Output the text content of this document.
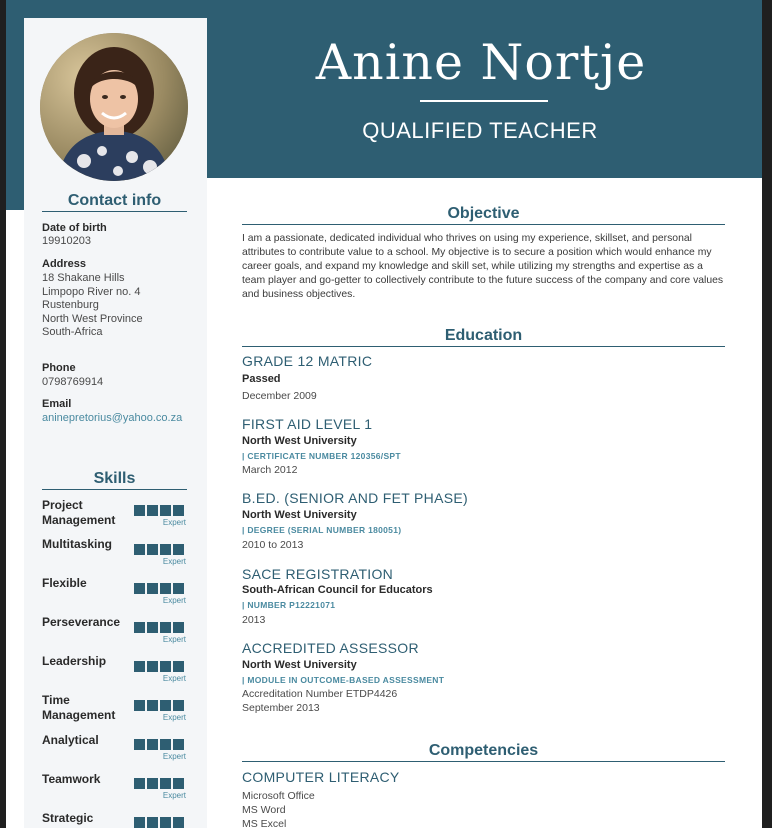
Anine Nortje
QUALIFIED TEACHER
Contact info
Date of birth
19910203
Address
18 Shakane Hills
Limpopo River no. 4
Rustenburg
North West Province
South-Africa
Phone
0798769914
Email
aninepretorius@yahoo.co.za
Skills
Project Management	Expert
Multitasking
Expert
Flexible
Expert
Perseverance
Expert
Leadership
Expert
Time Management	Expert
Analytical
Expert
Teamwork
Expert
Strategic
Objective
I am a passionate, dedicated individual who thrives on using my experience, skillset, and personal attributes to contribute value to a school. My objective is to secure a position which would enhance my career goals, and expand my knowledge and skill set, while utilizing my strengths and expertise as a team player and go-getter to collectively contribute to the future success of the company and core values and business objectives.
Education
GRADE 12 MATRIC
Passed
December 2009
FIRST AID LEVEL 1
North West University
| CERTIFICATE NUMBER 120356/SPT
March 2012
B.ED. (SENIOR AND FET PHASE)
North West University
| DEGREE (SERIAL NUMBER 180051)
2010 to 2013
SACE REGISTRATION
South-African Council for Educators
| NUMBER P12221071
2013
ACCREDITED ASSESSOR
North West University
| MODULE IN OUTCOME-BASED ASSESSMENT
Accreditation Number ETDP4426
September 2013
Competencies
COMPUTER LITERACY
Microsoft Office
MS Word
MS Excel
